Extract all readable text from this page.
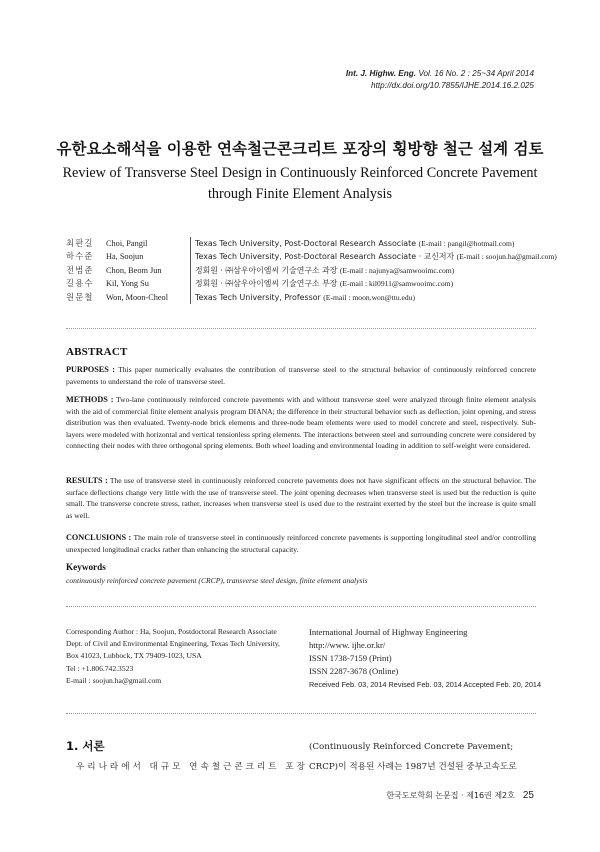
Int. J. Highw. Eng. Vol. 16 No. 2 : 25~34 April 2014
http://dx.doi.org/10.7855/IJHE.2014.16.2.025
유한요소해석을 이용한 연속철근콘크리트 포장의 횡방향 철근 설계 검토
Review of Transverse Steel Design in Continuously Reinforced Concrete Pavement through Finite Element Analysis
최판길 Choi, Pangil	Texas Tech University, Post-Doctoral Research Associate (E-mail : pangil@hotmail.com)
하수준 Ha, Soojun	Texas Tech University, Post-Doctoral Research Associate · 교신저자 (E-mail : soojun.ha@gmail.com)
전범준 Chon, Beom Jun	정회원 · ㈜삼우아이엠씨 기술연구소 과장 (E-mail : najunya@samwooimc.com)
길용수 Kil, Yong Su	정회원 · ㈜삼우아이엠씨 기술연구소 부장 (E-mail : kil0911@samwooimc.com)
원문철 Won, Moon-Cheol	Texas Tech University, Professor (E-mail : moon.won@ttu.edu)
ABSTRACT
PURPOSES : This paper numerically evaluates the contribution of transverse steel to the structural behavior of continuously reinforced concrete pavements to understand the role of transverse steel.
METHODS : Two-lane continuously reinforced concrete pavements with and without transverse steel were analyzed through finite element analysis with the aid of commercial finite element analysis program DIANA; the difference in their structural behavior such as deflection, joint opening, and stress distribution was then evaluated. Twenty-node brick elements and three-node beam elements were used to model concrete and steel, respectively. Sub-layers were modeled with horizontal and vertical tensionless spring elements. The interactions between steel and surrounding concrete were considered by connecting their nodes with three orthogonal spring elements. Both wheel loading and environmental loading in addition to self-weight were considered.
RESULTS : The use of transverse steel in continuously reinforced concrete pavements does not have significant effects on the structural behavior. The surface deflections change very little with the use of transverse steel. The joint opening decreases when transverse steel is used but the reduction is quite small. The transverse concrete stress, rather, increases when transverse steel is used due to the restraint exerted by the steel but the increase is quite small as well.
CONCLUSIONS : The main role of transverse steel in continuously reinforced concrete pavements is supporting longitudinal steel and/or controlling unexpected longitudinal cracks rather than enhancing the structural capacity.
Keywords
continuously reinforced concrete pavement (CRCP), transverse steel design, finite element analysis
Corresponding Author : Ha, Soojun, Postdoctoral Research Associate
Dept. of Civil and Environmental Engineering, Texas Tech University,
Box 41023, Lubbock, TX 79409-1023, USA
Tel : +1.806.742.3523
E-mail : soojun.ha@gmail.com
International Journal of Highway Engineering
http://www. ijhe.or.kr/
ISSN 1738-7159 (Print)
ISSN 2287-3678 (Online)
Received Feb. 03, 2014 Revised Feb. 03, 2014 Accepted Feb. 20, 2014
1. 서론
우리나라에서 대규모 연속철근콘크리트 포장
(Continuously Reinforced Concrete Pavement;
CRCP)이 적용된 사례는 1987년 건설된 중부고속도로
한국도로학회 논문집 · 제16권 제2호 25
